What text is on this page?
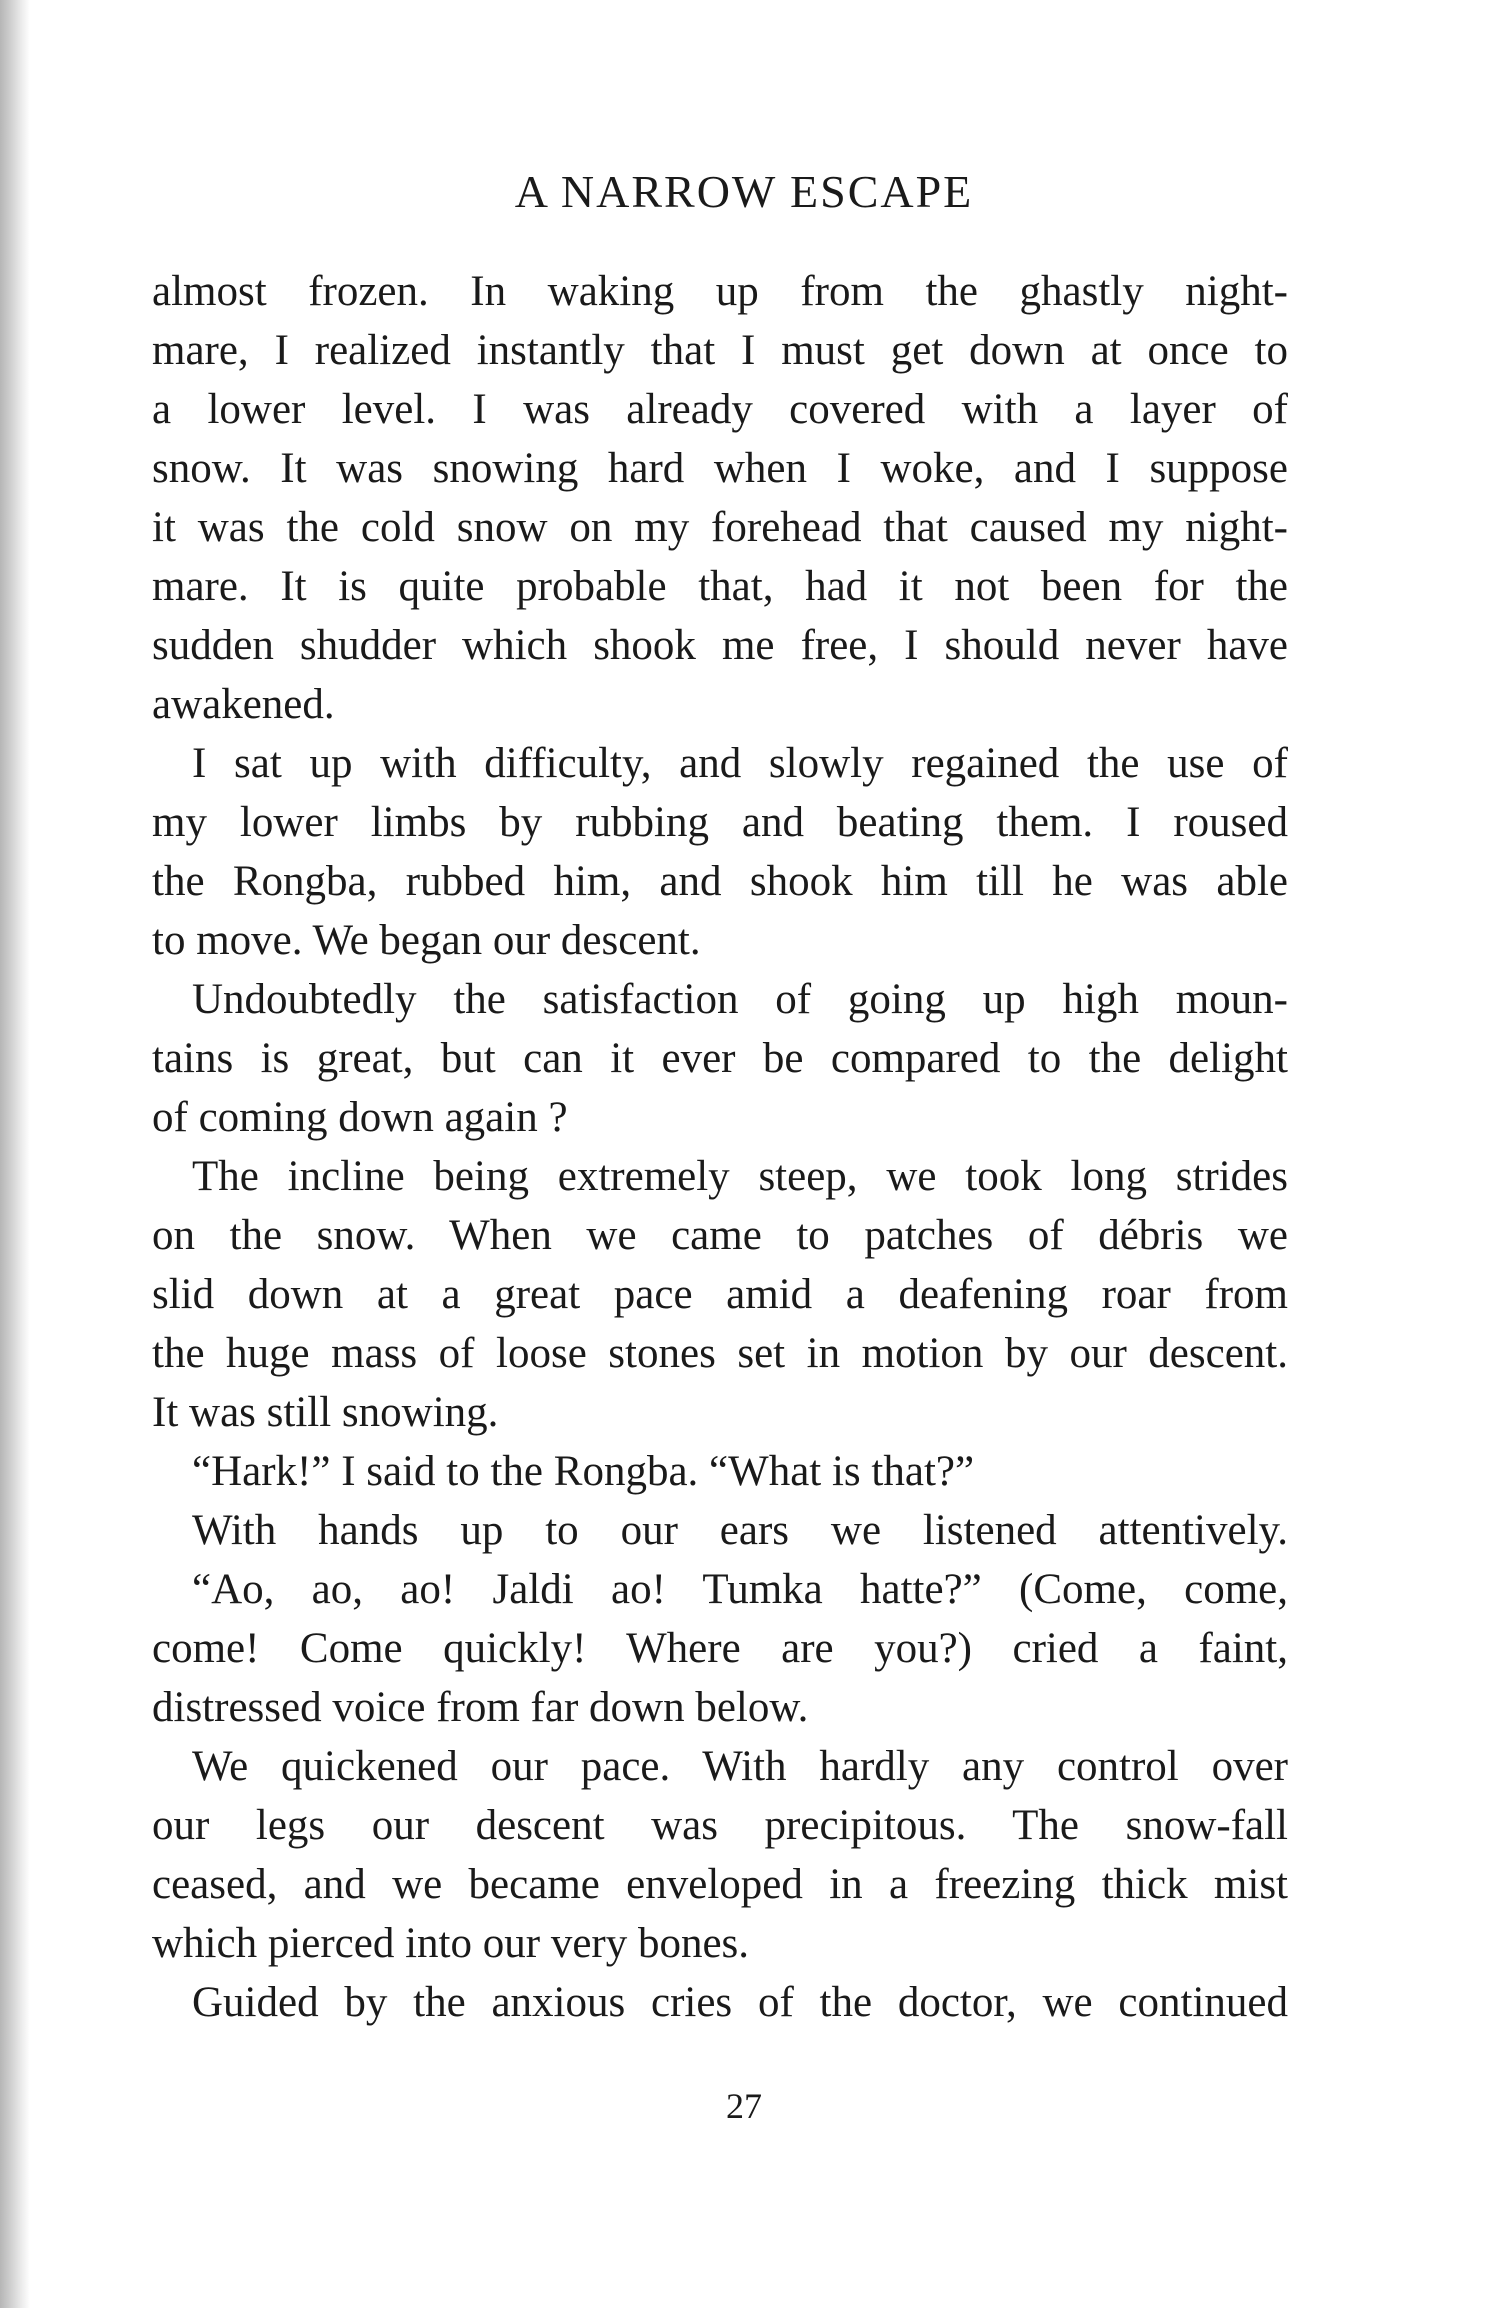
A NARROW ESCAPE
almost frozen. In waking up from the ghastly night-
mare, I realized instantly that I must get down at once to
a lower level. I was already covered with a layer of
snow. It was snowing hard when I woke, and I suppose
it was the cold snow on my forehead that caused my night-
mare. It is quite probable that, had it not been for the
sudden shudder which shook me free, I should never have
awakened.
I sat up with difficulty, and slowly regained the use of
my lower limbs by rubbing and beating them. I roused
the Rongba, rubbed him, and shook him till he was able
to move. We began our descent.
Undoubtedly the satisfaction of going up high moun-
tains is great, but can it ever be compared to the delight
of coming down again ?
The incline being extremely steep, we took long strides
on the snow. When we came to patches of débris we
slid down at a great pace amid a deafening roar from
the huge mass of loose stones set in motion by our descent.
It was still snowing.
“Hark!” I said to the Rongba. “What is that?”
With hands up to our ears we listened attentively.
“Ao, ao, ao! Jaldi ao! Tumka hatte?” (Come, come,
come! Come quickly! Where are you?) cried a faint,
distressed voice from far down below.
We quickened our pace. With hardly any control over
our legs our descent was precipitous. The snow-fall
ceased, and we became enveloped in a freezing thick mist
which pierced into our very bones.
Guided by the anxious cries of the doctor, we continued
27
